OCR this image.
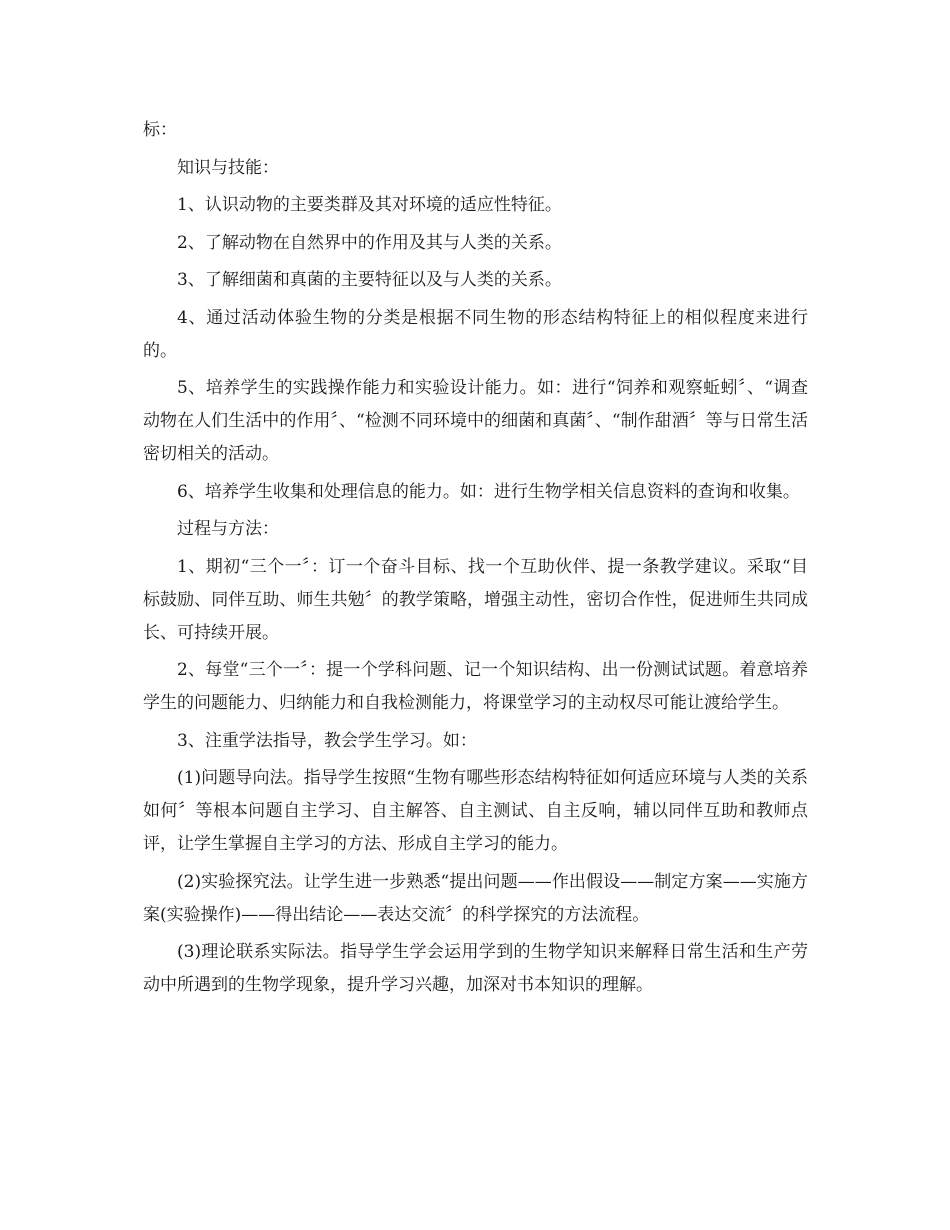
标：

知识与技能：

1、认识动物的主要类群及其对环境的适应性特征。

2、了解动物在自然界中的作用及其与人类的关系。

3、了解细菌和真菌的主要特征以及与人类的关系。

4、通过活动体验生物的分类是根据不同生物的形态结构特征上的相似程度来进行的。

5、培养学生的实践操作能力和实验设计能力。如：进行“饲养和观察蚯蚓〞、“调查动物在人们生活中的作用〞、“检测不同环境中的细菌和真菌〞、“制作甜酒〞等与日常生活密切相关的活动。

6、培养学生收集和处理信息的能力。如：进行生物学相关信息资料的查询和收集。

过程与方法：

1、期初“三个一〞：订一个奋斗目标、找一个互助伙伴、提一条教学建议。采取“目标鼓励、同伴互助、师生共勉〞的教学策略，增强主动性，密切合作性，促进师生共同成长、可持续开展。

2、每堂“三个一〞：提一个学科问题、记一个知识结构、出一份测试试题。着意培养学生的问题能力、归纳能力和自我检测能力，将课堂学习的主动权尽可能让渡给学生。

3、注重学法指导，教会学生学习。如：

(1)问题导向法。指导学生按照“生物有哪些形态结构特征如何适应环境与人类的关系如何〞等根本问题自主学习、自主解答、自主测试、自主反响，辅以同伴互助和教师点评，让学生掌握自主学习的方法、形成自主学习的能力。

(2)实验探究法。让学生进一步熟悉“提出问题——作出假设——制定方案——实施方案(实验操作)——得出结论——表达交流〞的科学探究的方法流程。

(3)理论联系实际法。指导学生学会运用学到的生物学知识来解释日常生活和生产劳动中所遇到的生物学现象，提升学习兴趣，加深对书本知识的理解。
